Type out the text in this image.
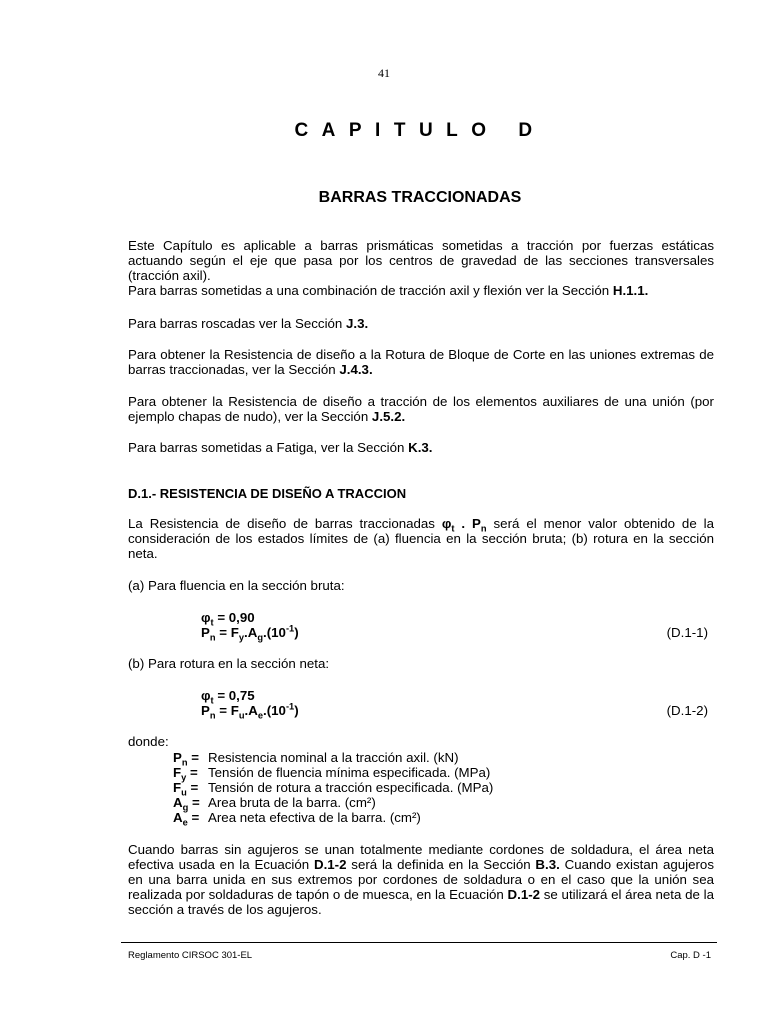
41
CAPITULO D
BARRAS TRACCIONADAS

Este Capítulo es aplicable a barras prismáticas sometidas a tracción por fuerzas estáticas actuando según el eje que pasa por los centros de gravedad de las secciones transversales (tracción axil).

Para barras sometidas a una combinación de tracción axil y flexión ver la Sección H.1.1.

Para barras roscadas ver la Sección J.3.
Para obtener la Resistencia de diseño a la Rotura de Bloque de Corte en las uniones extremas de barras traccionadas, ver la Sección J.4.3.
Para obtener la Resistencia de diseño a tracción de los elementos auxiliares de una unión (por ejemplo chapas de nudo), ver la Sección J.5.2.
Para barras sometidas a Fatiga, ver la Sección K.3.
D.1.- RESISTENCIA DE DISEÑO A TRACCION
La Resistencia de diseño de barras traccionadas $\varphi_t$ . $P_n$ será el menor valor obtenido de la consideración de los estados límites de (a) fluencia en la sección bruta; (b) rotura en la sección neta.
(a) Para fluencia en la sección bruta:
$\varphi_t = 0,90$
$P_n = F_y.A_g.(10^{-1})$	(D.1-1)
(b) Para rotura en la sección neta:
$\varphi_t = 0,75$
$P_n = F_u.A_e.(10^{-1})$	(D.1-2)
donde:
$P_n$ = Resistencia nominal a la tracción axil. (kN)
$F_y$ = Tensión de fluencia mínima especificada. (MPa)
$F_u$ = Tensión de rotura a tracción especificada. (MPa)
$A_g$ = Area bruta de la barra. (cm²)
$A_e$ = Area neta efectiva de la barra. (cm²)
Cuando barras sin agujeros se unan totalmente mediante cordones de soldadura, el área neta efectiva usada en la Ecuación D.1-2 será la definida en la Sección B.3. Cuando existan agujeros en una barra unida en sus extremos por cordones de soldadura o en el caso que la unión sea realizada por soldaduras de tapón o de muesca, en la Ecuación D.1-2 se utilizará el área neta de la sección a través de los agujeros.
Reglamento CIRSOC 301-EL	Cap. D -1
